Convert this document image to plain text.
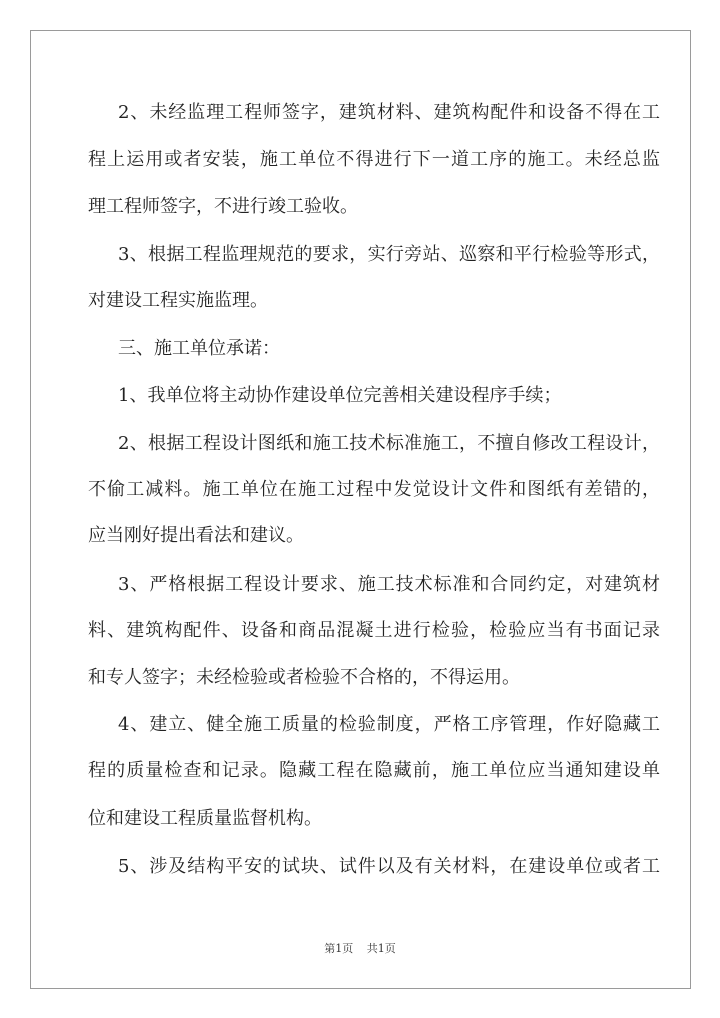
2、未经监理工程师签字，建筑材料、建筑构配件和设备不得在工
程上运用或者安装，施工单位不得进行下一道工序的施工。未经总监
理工程师签字，不进行竣工验收。
3、根据工程监理规范的要求，实行旁站、巡察和平行检验等形式，
对建设工程实施监理。
三、施工单位承诺：
1、我单位将主动协作建设单位完善相关建设程序手续；
2、根据工程设计图纸和施工技术标准施工，不擅自修改工程设计，
不偷工减料。施工单位在施工过程中发觉设计文件和图纸有差错的，
应当刚好提出看法和建议。
3、严格根据工程设计要求、施工技术标准和合同约定，对建筑材
料、建筑构配件、设备和商品混凝土进行检验，检验应当有书面记录
和专人签字；未经检验或者检验不合格的，不得运用。
4、建立、健全施工质量的检验制度，严格工序管理，作好隐藏工
程的质量检查和记录。隐藏工程在隐藏前，施工单位应当通知建设单
位和建设工程质量监督机构。
5、涉及结构平安的试块、试件以及有关材料，在建设单位或者工
第1页 共1页
